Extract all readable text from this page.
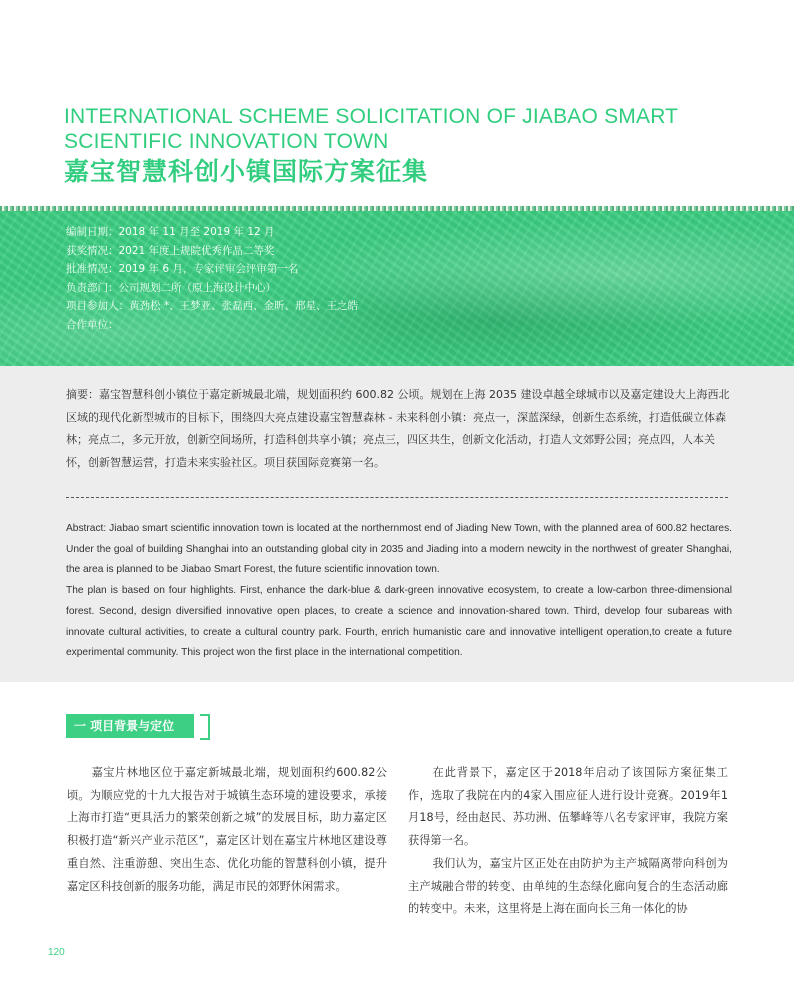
INTERNATIONAL SCHEME SOLICITATION OF JIABAO SMART SCIENTIFIC INNOVATION TOWN
嘉宝智慧科创小镇国际方案征集
编制日期：2018 年 11 月至 2019 年 12 月
获奖情况：2021 年度上规院优秀作品二等奖
批准情况：2019 年 6 月，专家评审会评审第一名
负责部门：公司规划二所（原上海设计中心）
项目参加人：黄劲松 *、王梦亚、张磊西、金昕、邢星、王之皓
合作单位：
摘要：嘉宝智慧科创小镇位于嘉定新城最北端，规划面积约 600.82 公顷。规划在上海 2035 建设卓越全球城市以及嘉定建设大上海西北区域的现代化新型城市的目标下，围绕四大亮点建设嘉宝智慧森林 - 未来科创小镇：亮点一，深蓝深绿，创新生态系统，打造低碳立体森林；亮点二，多元开放，创新空间场所，打造科创共享小镇；亮点三，四区共生，创新文化活动，打造人文郊野公园；亮点四，人本关怀，创新智慧运营，打造未来实验社区。项目获国际竞赛第一名。

Abstract: Jiabao smart scientific innovation town is located at the northernmost end of Jiading New Town, with the planned area of 600.82 hectares. Under the goal of building Shanghai into an outstanding global city in 2035 and Jiading into a modern newcity in the northwest of greater Shanghai, the area is planned to be Jiabao Smart Forest, the future scientific innovation town.

The plan is based on four highlights. First, enhance the dark-blue & dark-green innovative ecosystem, to create a low-carbon three-dimensional forest. Second, design diversified innovative open places, to create a science and innovation-shared town. Third, develop four subareas with innovate cultural activities, to create a cultural country park. Fourth, enrich humanistic care and innovative intelligent operation,to create a future experimental community. This project won the first place in the international competition.

一 项目背景与定位

嘉宝片林地区位于嘉定新城最北端，规划面积约600.82公顷。为顺应党的十九大报告对于城镇生态环境的建设要求，承接上海市打造“更具活力的繁荣创新之城”的发展目标，助力嘉定区积极打造“新兴产业示范区”，嘉定区计划在嘉宝片林地区建设尊重自然、注重游憩、突出生态、优化功能的智慧科创小镇，提升嘉定区科技创新的服务功能，满足市民的郊野休闲需求。

在此背景下，嘉定区于2018年启动了该国际方案征集工作，选取了我院在内的4家入围应征人进行设计竞赛。2019年1月18号，经由赵民、苏功洲、伍攀峰等八名专家评审，我院方案获得第一名。

我们认为，嘉宝片区正处在由防护为主产城隔离带向科创为主产城融合带的转变、由单纯的生态绿化廊向复合的生态活动廊的转变中。未来，这里将是上海在面向长三角一体化的协

120
